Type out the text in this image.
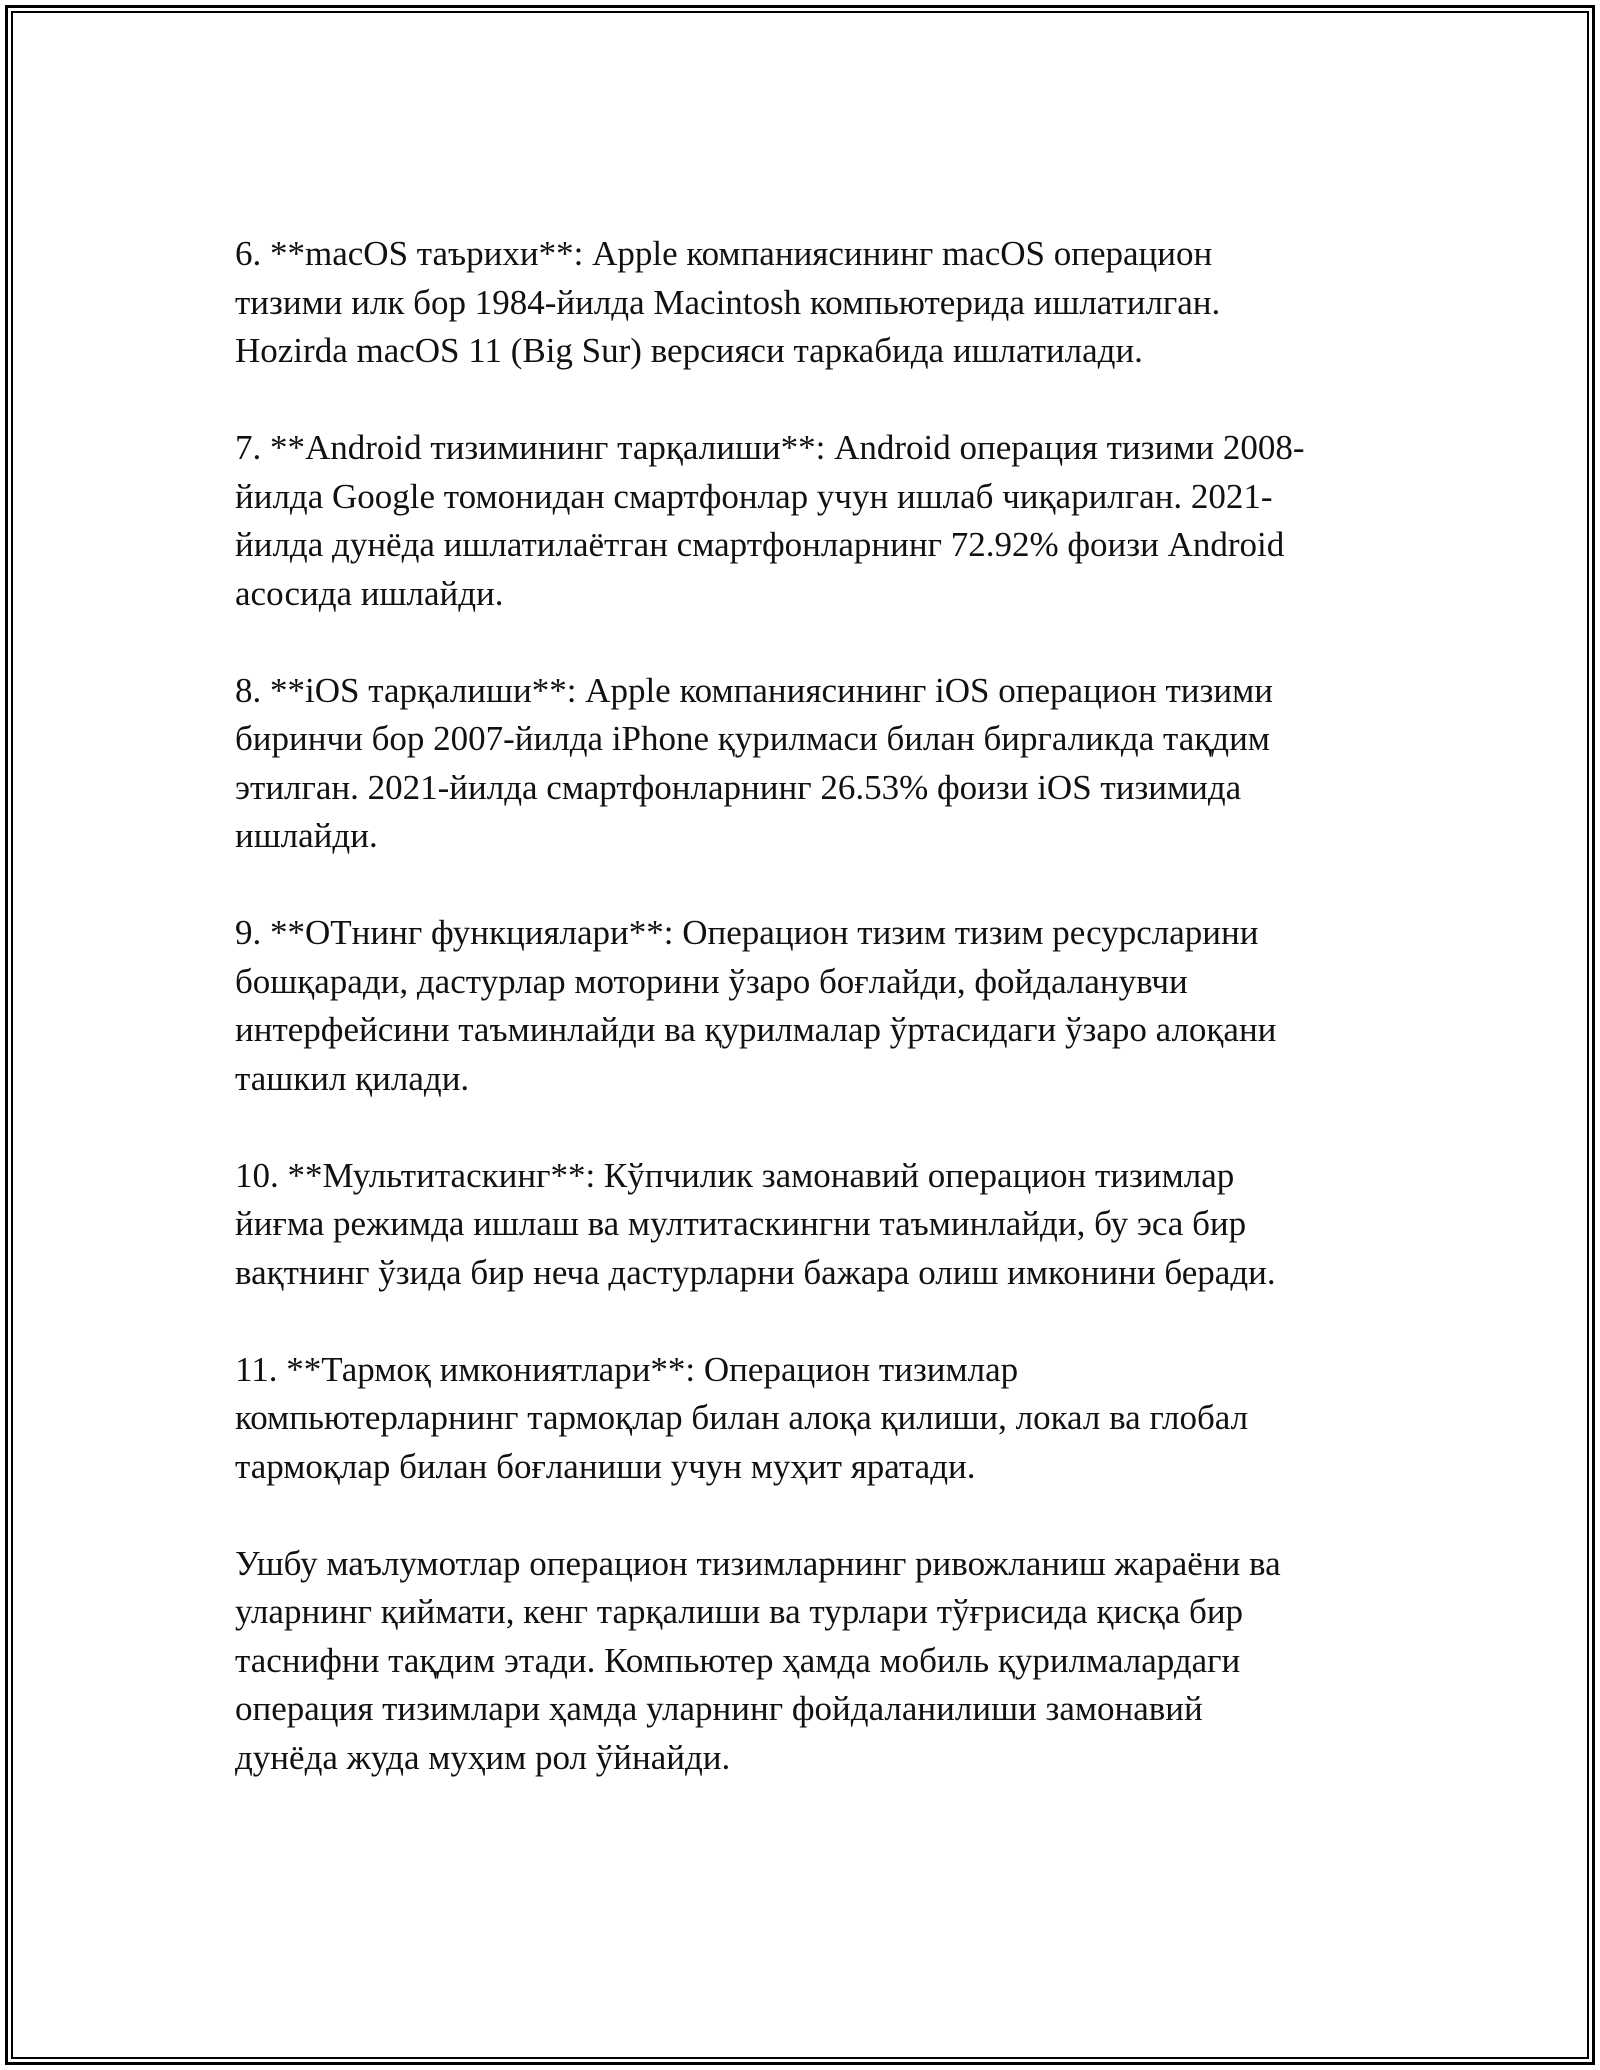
6. **macOS таърихи**: Apple компаниясининг macOS операцион
тизими илк бор 1984-йилда Macintosh компьютерида ишлатилган.
Hozirda macOS 11 (Big Sur) версияси таркабида ишлатилади.
7. **Android тизимининг тарқалиши**: Android операция тизими 2008-
йилда Google томонидан смартфонлар учун ишлаб чиқарилган. 2021-
йилда дунёда ишлатилаётган смартфонларнинг 72.92% фоизи Android
асосида ишлайди.
8. **iOS тарқалиши**: Apple компаниясининг iOS операцион тизими
биринчи бор 2007-йилда iPhone қурилмаси билан биргаликда тақдим
этилган. 2021-йилда смартфонларнинг 26.53% фоизи iOS тизимида
ишлайди.
9. **ОТнинг функциялари**: Операцион тизим тизим ресурсларини
бошқаради, дастурлар моторини ўзаро боғлайди, фойдаланувчи
интерфейсини таъминлайди ва қурилмалар ўртасидаги ўзаро алоқани
ташкил қилади.
10. **Мультитаскинг**: Кўпчилик замонавий операцион тизимлар
йиғма режимда ишлаш ва мултитаскингни таъминлайди, бу эса бир
вақтнинг ўзида бир неча дастурларни бажара олиш имконини беради.
11. **Тармоқ имкониятлари**: Операцион тизимлар
компьютерларнинг тармоқлар билан алоқа қилиши, локал ва глобал
тармоқлар билан боғланиши учун муҳит яратади.
Ушбу маълумотлар операцион тизимларнинг ривожланиш жараёни ва
уларнинг қиймати, кенг тарқалиши ва турлари тўғрисида қисқа бир
таснифни тақдим этади. Компьютер ҳамда мобиль қурилмалардаги
операция тизимлари ҳамда уларнинг фойдаланилиши замонавий
дунёда жуда муҳим рол ўйнайди.
